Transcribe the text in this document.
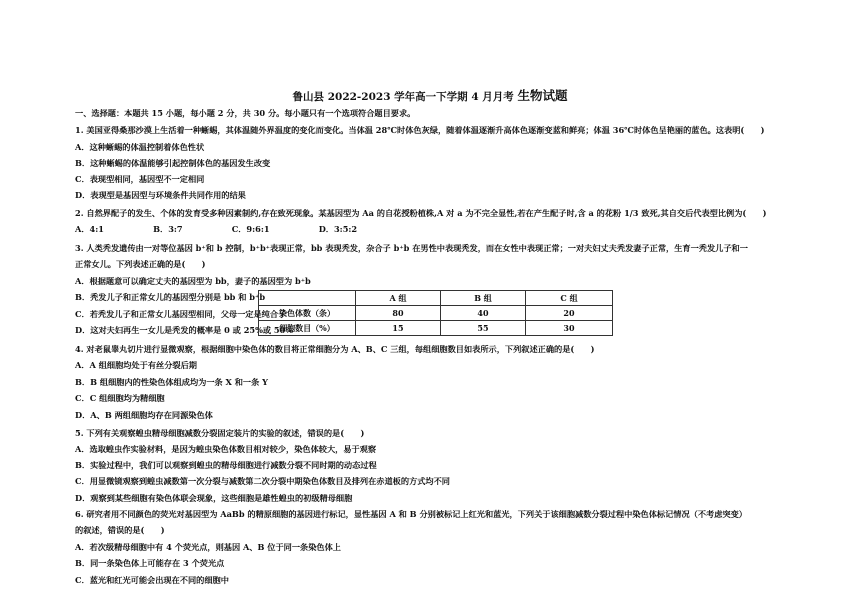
鲁山县 2022-2023 学年高一下学期 4 月月考 生物试题
一、选择题：本题共 15 小题，每小题 2 分，共 30 分。每小题只有一个选项符合题目要求。
1. 美国亚得桑那沙漠上生活着一种蜥蜴，其体温随外界温度的变化而变化。当体温 28℃时体色灰绿，随着体温逐渐升高体色逐渐变蓝和鲜亮；体温 36℃时体色呈艳丽的蓝色。这表明(　　)
A．这种蜥蜴的体温控制着体色性状
B．这种蜥蜴的体温能够引起控制体色的基因发生改变
C．表现型相同，基因型不一定相同
D．表现型是基因型与环境条件共同作用的结果
2. 自然界配子的发生、个体的发育受多种因素制约,存在致死现象。某基因型为 Aa 的自花授粉植株,A 对 a 为不完全显性,若在产生配子时,含 a 的花粉 1/3 致死,其自交后代表型比例为(　　)
A．4:1　　　　　　B．3:7　　　　　　C．9:6:1　　　　　　D．3:5:2
3. 人类秃发遗传由一对等位基因 b⁺和 b 控制，b⁺b⁺表现正常，bb 表现秃发，杂合子 b⁺b 在男性中表现秃发，而在女性中表现正常；一对夫妇丈夫秃发妻子正常，生育一秃发儿子和一
正常女儿。下列表述正确的是(　　)
A．根据题意可以确定丈夫的基因型为 bb，妻子的基因型为 b⁺b
B．秃发儿子和正常女儿的基因型分别是 bb 和 b⁺b
C．若秃发儿子和正常女儿基因型相同，父母一定是纯合子
D．这对夫妇再生一女儿是秃发的概率是 0 或 25%或 50%
4. 对老鼠睾丸切片进行显微观察，根据细胞中染色体的数目将正常细胞分为 A、B、C 三组，每组细胞数目如表所示，下列叙述正确的是(　　)
A．A 组细胞均处于有丝分裂后期
B．B 组细胞内的性染色体组成均为一条 X 和一条 Y
C．C 组细胞均为精细胞
D．A、B 两组细胞均存在同源染色体
5. 下列有关观察蝗虫精母细胞减数分裂固定装片的实验的叙述，错误的是(　　)
A．选取蝗虫作实验材料，是因为蝗虫染色体数目相对较少，染色体较大，易于观察
B．实验过程中，我们可以观察到蝗虫的精母细胞进行减数分裂不同时期的动态过程
C．用显微镜观察到蝗虫减数第一次分裂与减数第二次分裂中期染色体数目及排列在赤道板的方式均不同
D．观察到某些细胞有染色体联会现象，这些细胞是雄性蝗虫的初级精母细胞
6. 研究者用不同颜色的荧光对基因型为 AaBb 的精原细胞的基因进行标记，显性基因 A 和 B 分别被标记上红光和蓝光，下列关于该细胞减数分裂过程中染色体标记情况（不考虑突变）
的叙述，错误的是(　　)
A．若次级精母细胞中有 4 个荧光点，则基因 A、B 位于同一条染色体上
B．同一条染色体上可能存在 3 个荧光点
C．蓝光和红光可能会出现在不同的细胞中
	A 组	B 组	C 组
染色体数（条）	80	40	20
细胞数目（%）	15	55	30
